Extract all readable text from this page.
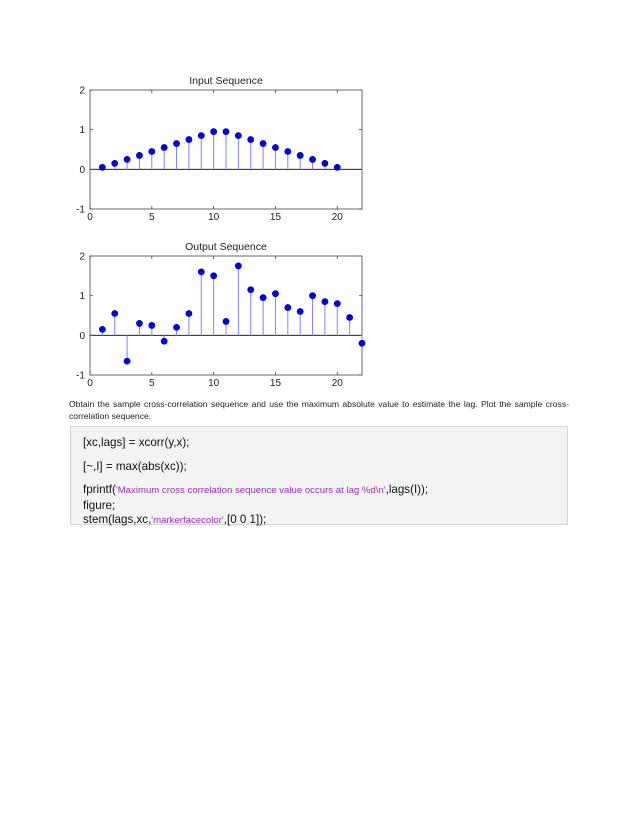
Input Sequence
0	5	10	15	20
-1
0
1
2
Output Sequence
0	5	10	15	20
-1
0
1
2
Obtain the sample cross-correlation sequence and use the maximum absolute value to estimate the lag. Plot the sample cross-correlation sequence.
[xc,lags] = xcorr(y,x);
[~,I] = max(abs(xc));
fprintf('Maximum cross correlation sequence value occurs at lag %d\n',lags(I));
figure;
stem(lags,xc,'markerfacecolor',[0 0 1]);
